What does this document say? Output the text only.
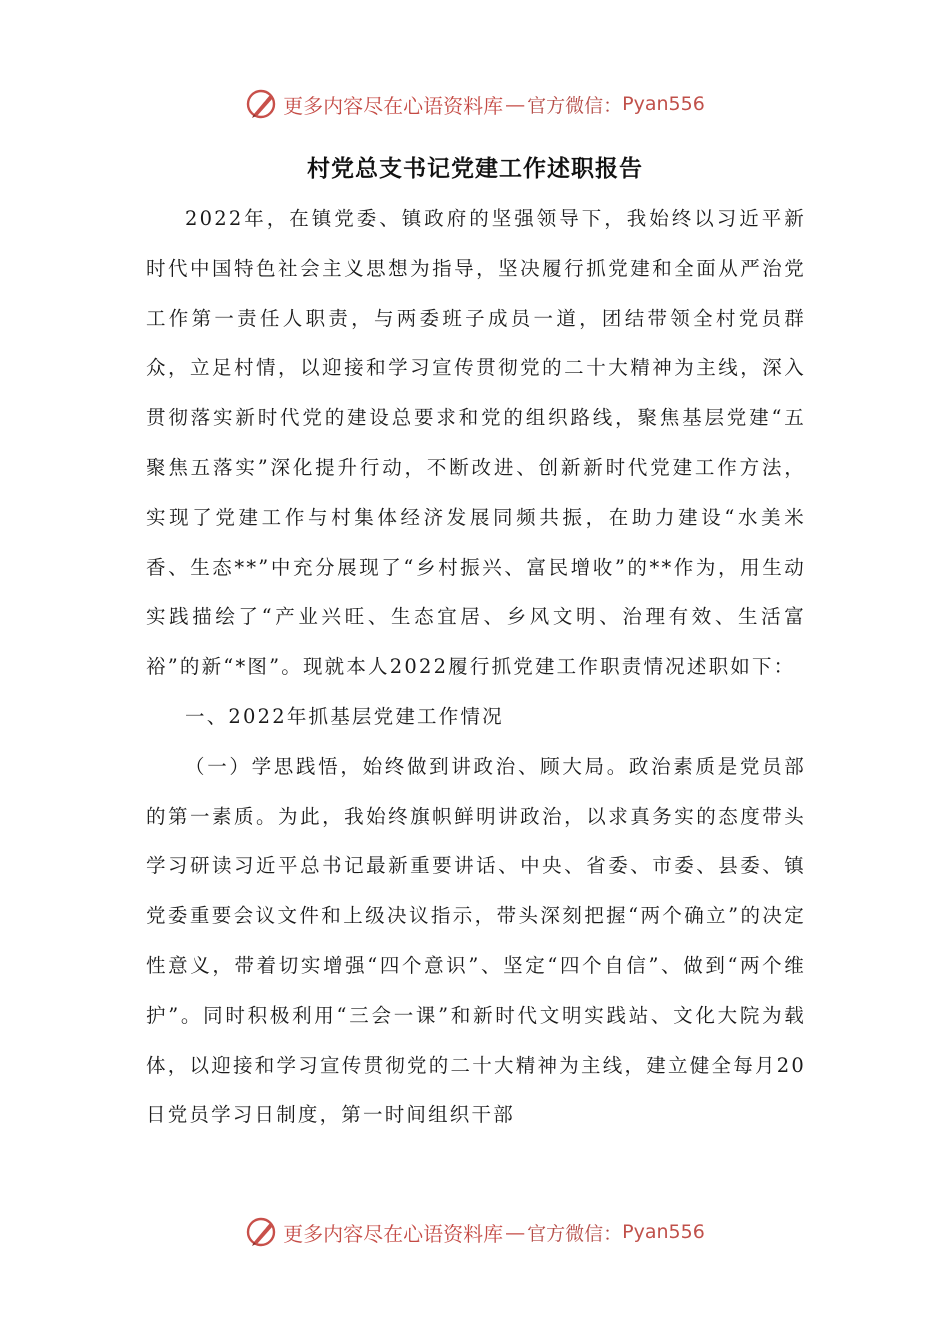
更多内容尽在心语资料库 — 官方微信： Pyan556
村党总支书记党建工作述职报告

2022年，在镇党委、镇政府的坚强领导下，我始终以习近平新时代中国特色社会主义思想为指导，坚决履行抓党建和全面从严治党工作第一责任人职责，与两委班子成员一道，团结带领全村党员群众，立足村情，以迎接和学习宣传贯彻党的二十大精神为主线，深入贯彻落实新时代党的建设总要求和党的组织路线，聚焦基层党建“五聚焦五落实”深化提升行动，不断改进、创新新时代党建工作方法，实现了党建工作与村集体经济发展同频共振，在助力建设“水美米香、生态**”中充分展现了“乡村振兴、富民增收”的**作为，用生动实践描绘了“产业兴旺、生态宜居、乡风文明、治理有效、生活富裕”的新“*图”。现就本人2022履行抓党建工作职责情况述职如下：

一、2022年抓基层党建工作情况

（一）学思践悟，始终做到讲政治、顾大局。政治素质是党员部的第一素质。为此，我始终旗帜鲜明讲政治，以求真务实的态度带头学习研读习近平总书记最新重要讲话、中央、省委、市委、县委、镇党委重要会议文件和上级决议指示，带头深刻把握“两个确立”的决定性意义，带着切实增强“四个意识”、坚定“四个自信”、做到“两个维护”。同时积极利用“三会一课”和新时代文明实践站、文化大院为载体，以迎接和学习宣传贯彻党的二十大精神为主线，建立健全每月20日党员学习日制度，第一时间组织干部

更多内容尽在心语资料库 — 官方微信： Pyan556
